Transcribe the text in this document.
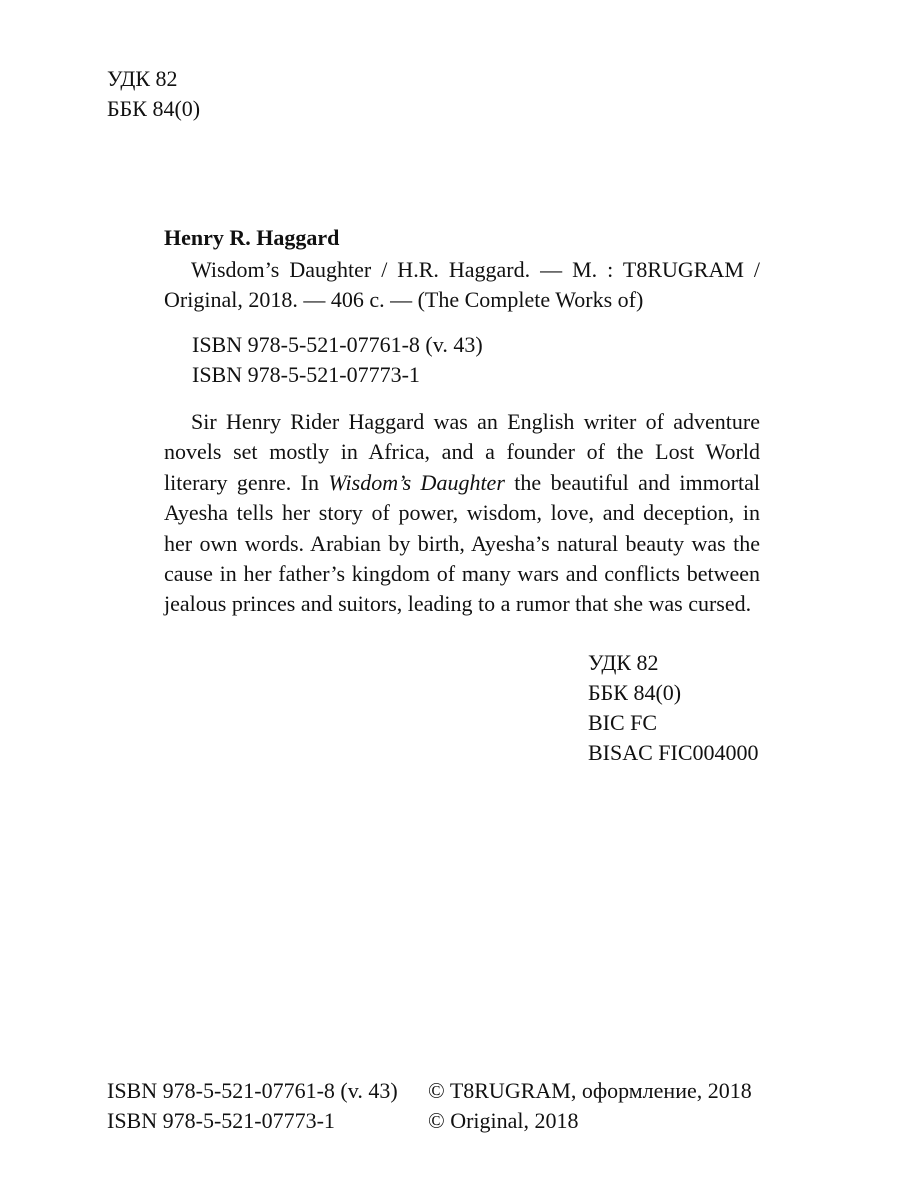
УДК 82
ББК 84(0)
Henry R. Haggard
Wisdom’s Daughter / H.R. Haggard. — M. : T8RUGRAM /
Original, 2018. — 406 c. — (The Complete Works of)
ISBN 978-5-521-07761-8 (v. 43)
ISBN 978-5-521-07773-1
Sir Henry Rider Haggard was an English writer of adventure novels set mostly in Africa, and a founder of the Lost World literary genre. In Wisdom’s Daughter the beautiful and immortal Ayesha tells her story of power, wisdom, love, and deception, in her own words. Arabian by birth, Ayesha’s natural beauty was the cause in her father’s kingdom of many wars and conflicts between jealous princes and suitors, leading to a rumor that she was cursed.
УДК 82
ББК 84(0)
BIC FC
BISAC FIC004000
ISBN 978-5-521-07761-8 (v. 43)
ISBN 978-5-521-07773-1
© T8RUGRAM, оформление, 2018
© Original, 2018
